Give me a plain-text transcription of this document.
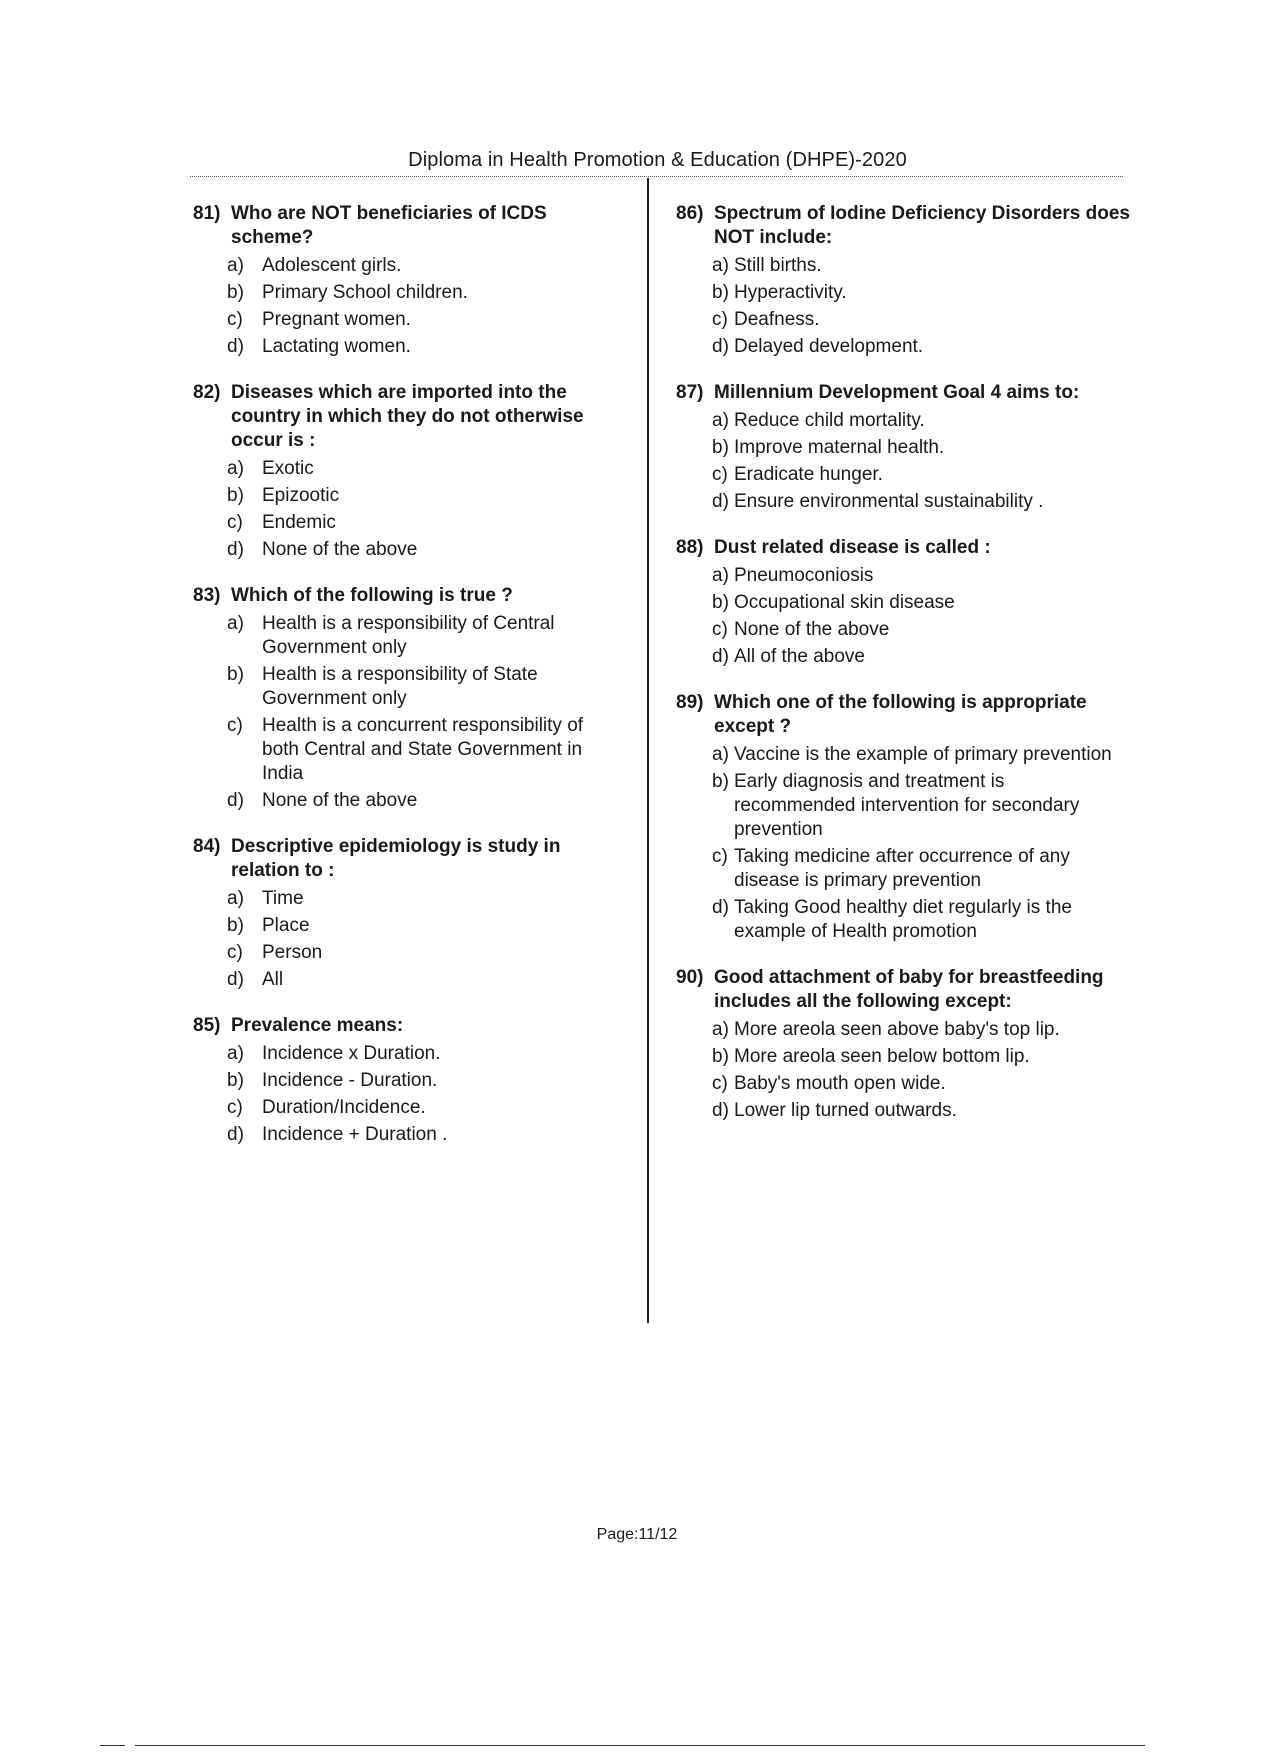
Diploma in Health Promotion & Education (DHPE)-2020
81) Who are NOT beneficiaries of ICDS scheme?
a) Adolescent girls.
b) Primary School children.
c)	Pregnant women.
d) Lactating women.
82) Diseases which are imported into the country in which they do not otherwise occur is :
a) Exotic
b) Epizootic
c)	Endemic
d) None of the above
83) Which of the following is true ?
a) Health is a responsibility of Central Government only
b) Health is a responsibility of State Government only
c)	Health is a concurrent responsibility of both Central and State Government in India
d) None of the above
84) Descriptive epidemiology is study in relation to :
a) Time
b) Place
c)	Person
d) All
85) Prevalence means:
a) Incidence x Duration.
b) Incidence - Duration.
c)	Duration/Incidence.
d) Incidence + Duration .
86) Spectrum of Iodine Deficiency Disorders does NOT include:
a) Still births.
b) Hyperactivity.
c) Deafness.
d) Delayed development.
87) Millennium Development Goal 4 aims to:
a) Reduce child mortality.
b) Improve maternal health.
c) Eradicate hunger.
d) Ensure environmental sustainability .
88) Dust related disease is called :
a) Pneumoconiosis
b) Occupational skin disease
c) None of the above
d) All of the above
89) Which one of the following is appropriate except ?
a) Vaccine is the example of primary prevention
b) Early diagnosis and treatment is recommended intervention for secondary prevention
c) Taking medicine after occurrence of any disease is primary prevention
d) Taking Good healthy diet regularly is the example of Health promotion
90) Good attachment of baby for breastfeeding includes all the following except:
a) More areola seen above baby's top lip.
b) More areola seen below bottom lip.
c) Baby's mouth open wide.
d) Lower lip turned outwards.
Page:11/12
